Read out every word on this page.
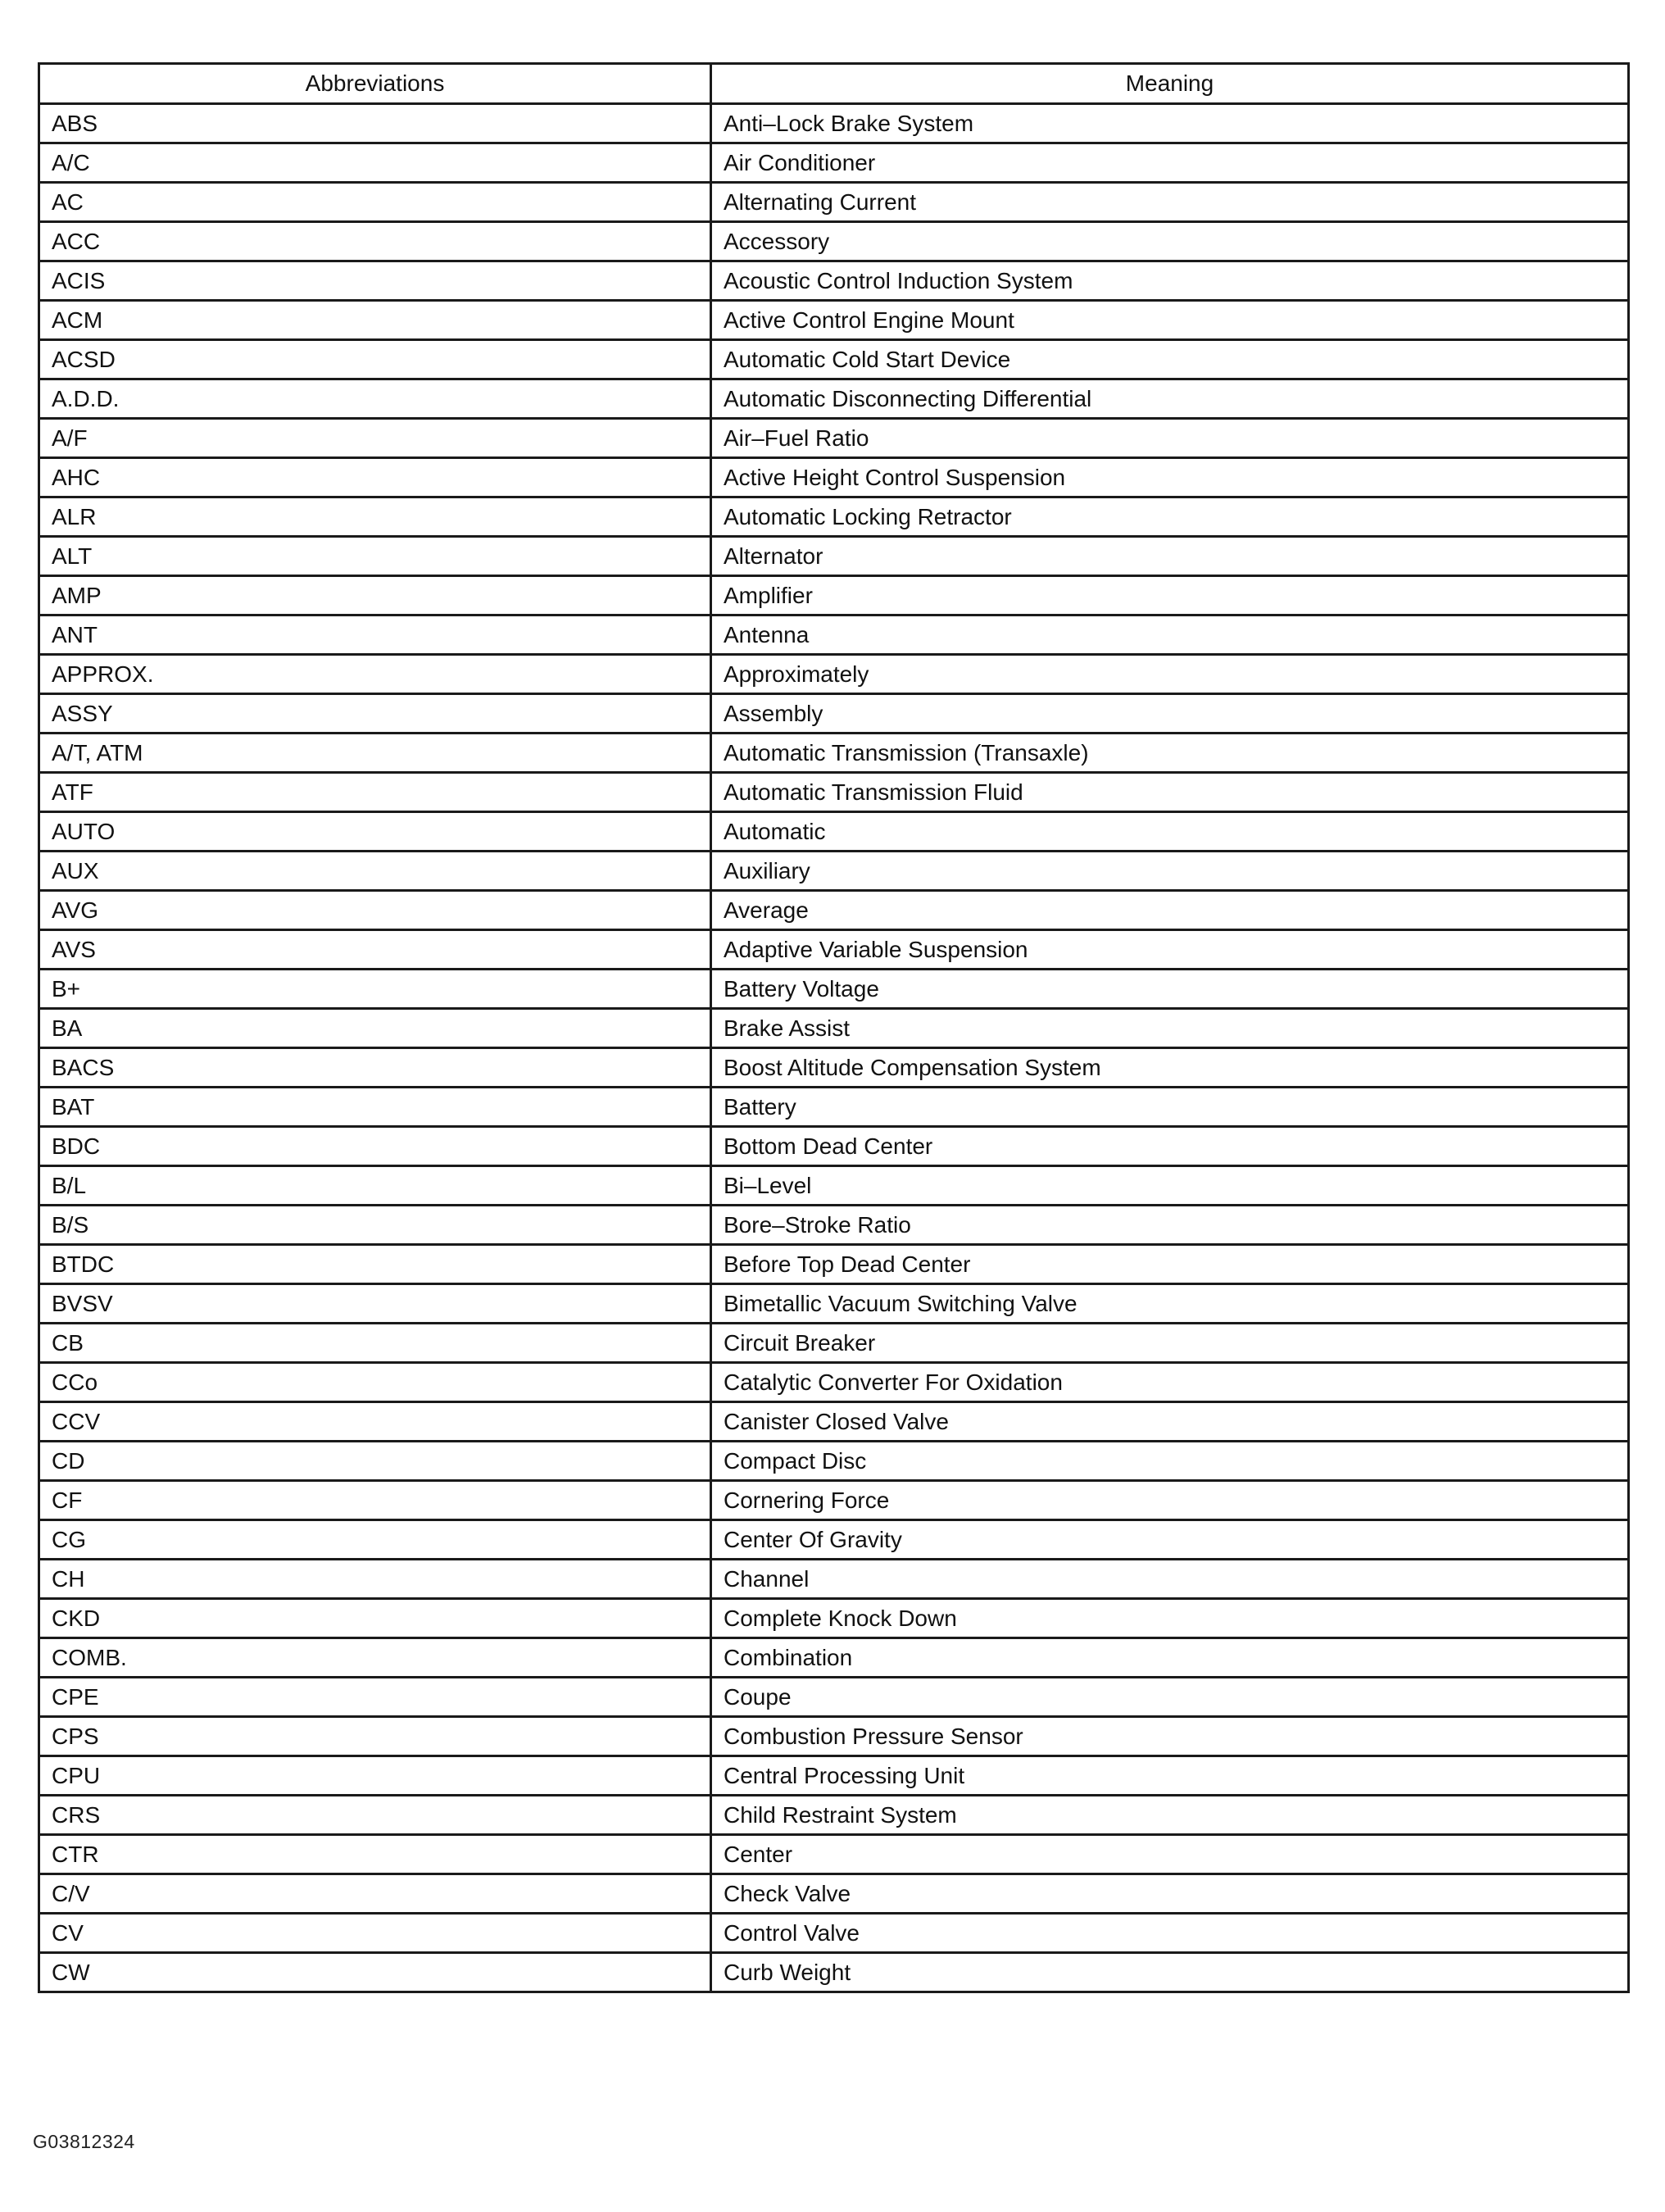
Abbreviations	Meaning
ABS	Anti–Lock Brake System
A/C	Air Conditioner
AC	Alternating Current
ACC	Accessory
ACIS	Acoustic Control Induction System
ACM	Active Control Engine Mount
ACSD	Automatic Cold Start Device
A.D.D.	Automatic Disconnecting Differential
A/F	Air–Fuel Ratio
AHC	Active Height Control Suspension
ALR	Automatic Locking Retractor
ALT	Alternator
AMP	Amplifier
ANT	Antenna
APPROX.	Approximately
ASSY	Assembly
A/T, ATM	Automatic Transmission (Transaxle)
ATF	Automatic Transmission Fluid
AUTO	Automatic
AUX	Auxiliary
AVG	Average
AVS	Adaptive Variable Suspension
B+	Battery Voltage
BA	Brake Assist
BACS	Boost Altitude Compensation System
BAT	Battery
BDC	Bottom Dead Center
B/L	Bi–Level
B/S	Bore–Stroke Ratio
BTDC	Before Top Dead Center
BVSV	Bimetallic Vacuum Switching Valve
CB	Circuit Breaker
CCo	Catalytic Converter For Oxidation
CCV	Canister Closed Valve
CD	Compact Disc
CF	Cornering Force
CG	Center Of Gravity
CH	Channel
CKD	Complete Knock Down
COMB.	Combination
CPE	Coupe
CPS	Combustion Pressure Sensor
CPU	Central Processing Unit
CRS	Child Restraint System
CTR	Center
C/V	Check Valve
CV	Control Valve
CW	Curb Weight
G03812324
